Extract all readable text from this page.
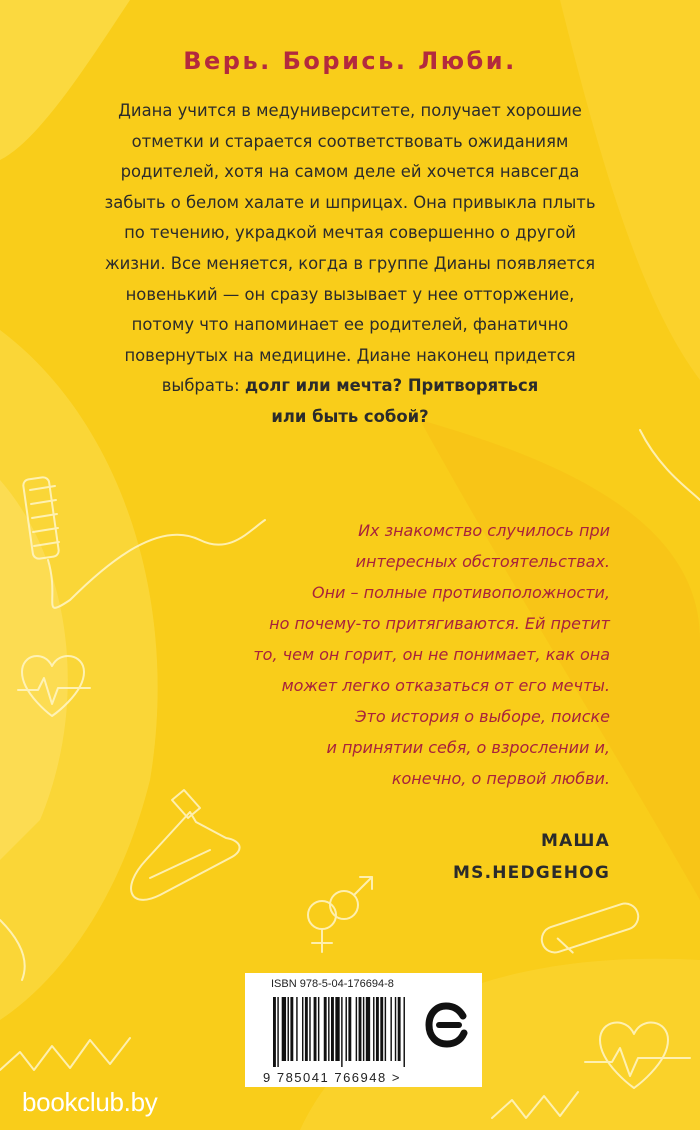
Верь. Борись. Люби.

Диана учится в медуниверситете, получает хорошие

отметки и старается соответствовать ожиданиям

родителей, хотя на самом деле ей хочется навсегда

забыть о белом халате и шприцах. Она привыкла плыть

по течению, украдкой мечтая совершенно о другой

жизни. Все меняется, когда в группе Дианы появляется

новенький — он сразу вызывает у нее отторжение,

потому что напоминает ее родителей, фанатично

повернутых на медицине. Диане наконец придется

выбрать: долг или мечта? Притворяться

или быть собой?

Их знакомство случилось при

интересных обстоятельствах.

Они – полные противоположности,

но почему-то притягиваются. Ей претит

то, чем он горит, он не понимает, как она

может легко отказаться от его мечты.

Это история о выборе, поиске

и принятии себя, о взрослении и,

конечно, о первой любви.

МАША
MS.HEDGEHOG
ISBN 978-5-04-176694-8
9 785041 766948 >
bookclub.by
